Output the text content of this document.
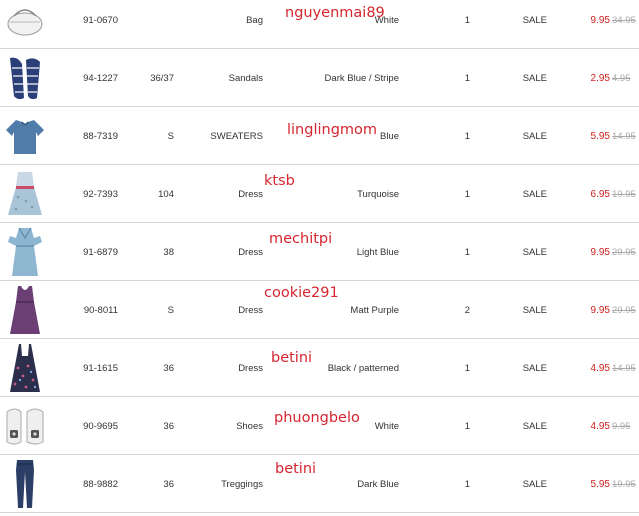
91-0670	Bag	White	1	SALE	9.95 34.95
nguyenmai89
94-1227	36/37	Sandals	Dark Blue / Stripe	1	SALE	2.95 4.95
88-7319	S	SWEATERS	Blue	1	SALE	5.95 14.95
linglingmom
92-7393	104	Dress	Turquoise	1	SALE	6.95 19.95
ktsb
91-6879	38	Dress	Light Blue	1	SALE	9.95 29.95
mechitpi
90-8011	S	Dress	Matt Purple	2	SALE	9.95 29.95
cookie291
91-1615	36	Dress	Black / patterned	1	SALE	4.95 14.95
betini
90-9695	36	Shoes	White	1	SALE	4.95 9.95
phuongbelo
88-9882	36	Treggings	Dark Blue	1	SALE	5.95 19.95
betini
